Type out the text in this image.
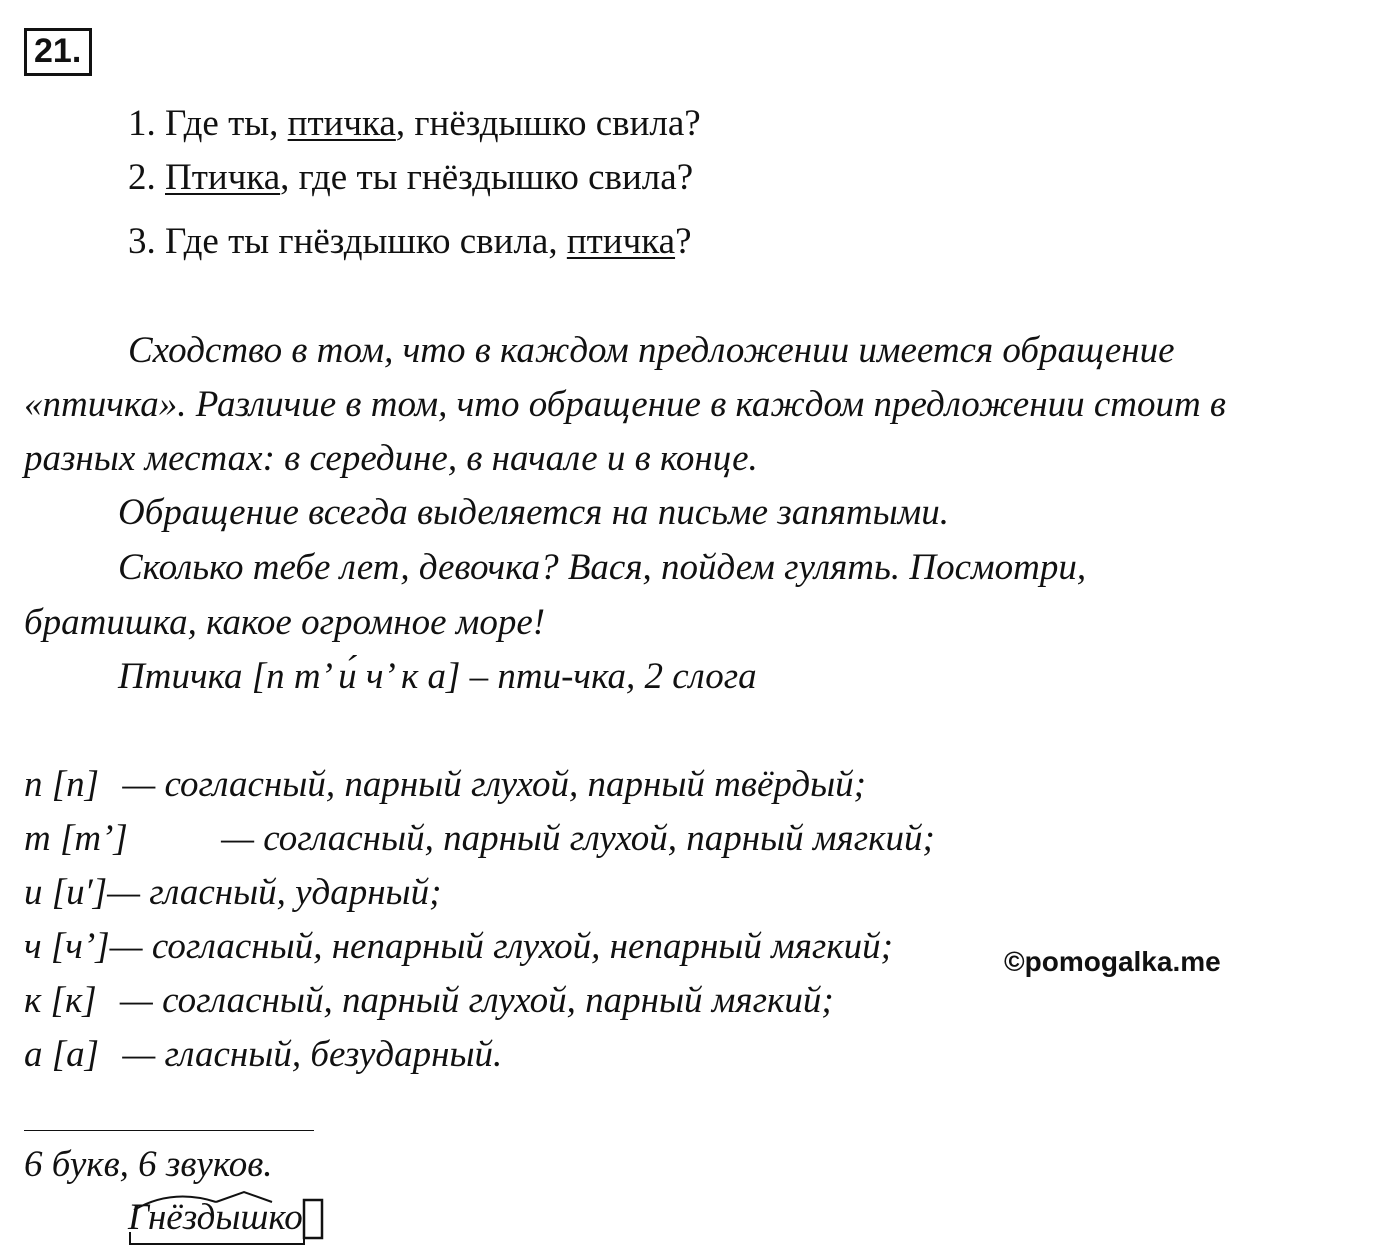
21.
1. Где ты, птичка, гнёздышко свила?
2. Птичка, где ты гнёздышко свила?
3. Где ты гнёздышко свила, птичка?
Сходство в том, что в каждом предложении имеется обращение
«птичка». Различие в том, что обращение в каждом предложении стоит в
разных местах: в середине, в начале и в конце.
Обращение всегда выделяется на письме запятыми.
Сколько тебе лет, девочка? Вася, пойдем гулять. Посмотри,
братишка, какое огромное море!
Птичка [п т’ и́ ч’ к а] – пти-чка, 2 слога
п [п] — согласный, парный глухой, парный твёрдый;
т [т’]	— согласный, парный глухой, парный мягкий;
и [и′]— гласный, ударный;
ч [ч’]— согласный, непарный глухой, непарный мягкий;
к [к] — согласный, парный глухой, парный мягкий;
а [а] — гласный, безударный.
©pomogalka.me
6 букв, 6 звуков.
Гнёздышко
